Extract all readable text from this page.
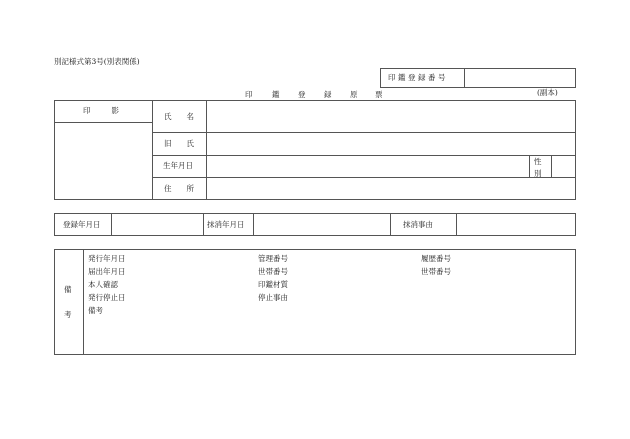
別記様式第3号(別表関係)
印鑑登録番号
印	鑑 登 録 原 票	(副本)
印　　影
氏　　名
旧　　氏
生年月日	性
別
住　　所
登録年月日	抹消年月日	抹消事由
備
考
発行年月日
届出年月日
本人確認
発行停止日
備考
管理番号
世帯番号
印鑑材質
停止事由
履歴番号
世帯番号
